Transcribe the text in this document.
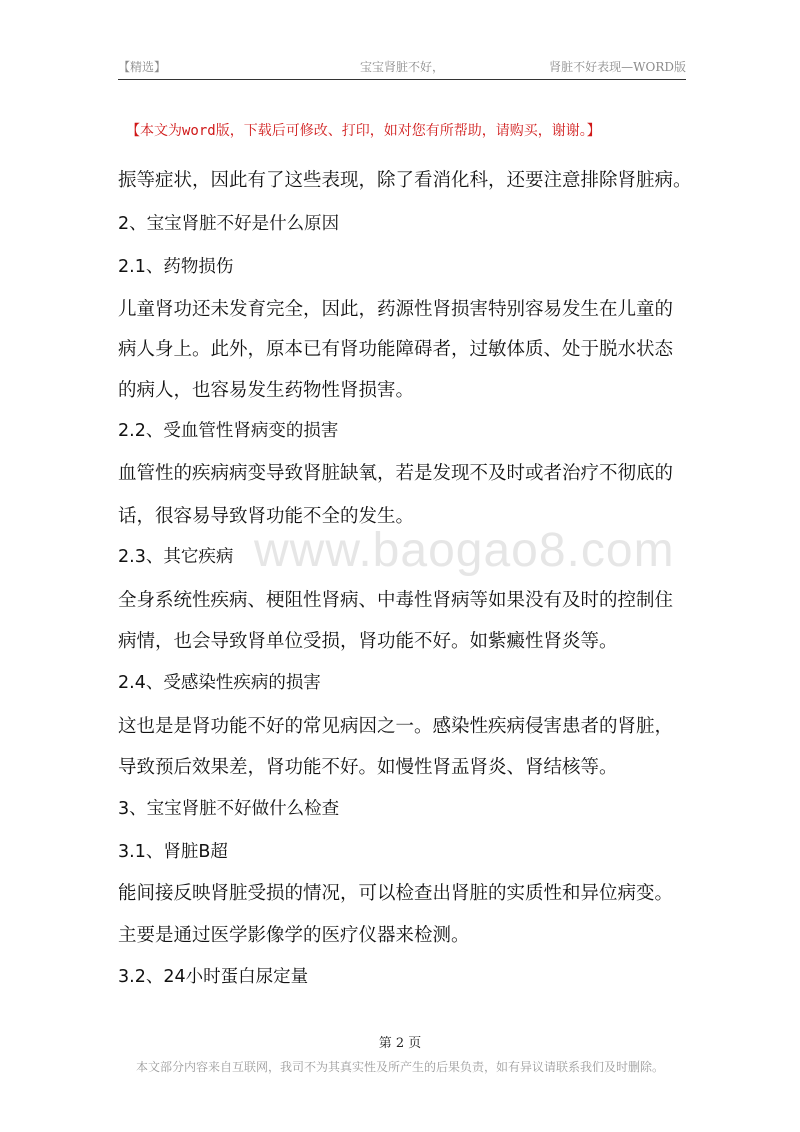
【精选】	宝宝肾脏不好，	肾脏不好表现—WORD版
【本文为word版，下载后可修改、打印，如对您有所帮助，请购买，谢谢。】
www.baogao8.com
振等症状，因此有了这些表现，除了看消化科，还要注意排除肾脏病。
2、宝宝肾脏不好是什么原因
2.1、药物损伤
儿童肾功还未发育完全，因此，药源性肾损害特别容易发生在儿童的
病人身上。此外，原本已有肾功能障碍者，过敏体质、处于脱水状态
的病人，也容易发生药物性肾损害。
2.2、受血管性肾病变的损害
血管性的疾病病变导致肾脏缺氧，若是发现不及时或者治疗不彻底的
话，很容易导致肾功能不全的发生。
2.3、其它疾病
全身系统性疾病、梗阻性肾病、中毒性肾病等如果没有及时的控制住
病情，也会导致肾单位受损，肾功能不好。如紫癜性肾炎等。
2.4、受感染性疾病的损害
这也是是肾功能不好的常见病因之一。感染性疾病侵害患者的肾脏，
导致预后效果差，肾功能不好。如慢性肾盂肾炎、肾结核等。
3、宝宝肾脏不好做什么检查
3.1、肾脏B超
能间接反映肾脏受损的情况，可以检查出肾脏的实质性和异位病变。
主要是通过医学影像学的医疗仪器来检测。
3.2、24小时蛋白尿定量
第 2 页
本文部分内容来自互联网，我司不为其真实性及所产生的后果负责，如有异议请联系我们及时删除。
